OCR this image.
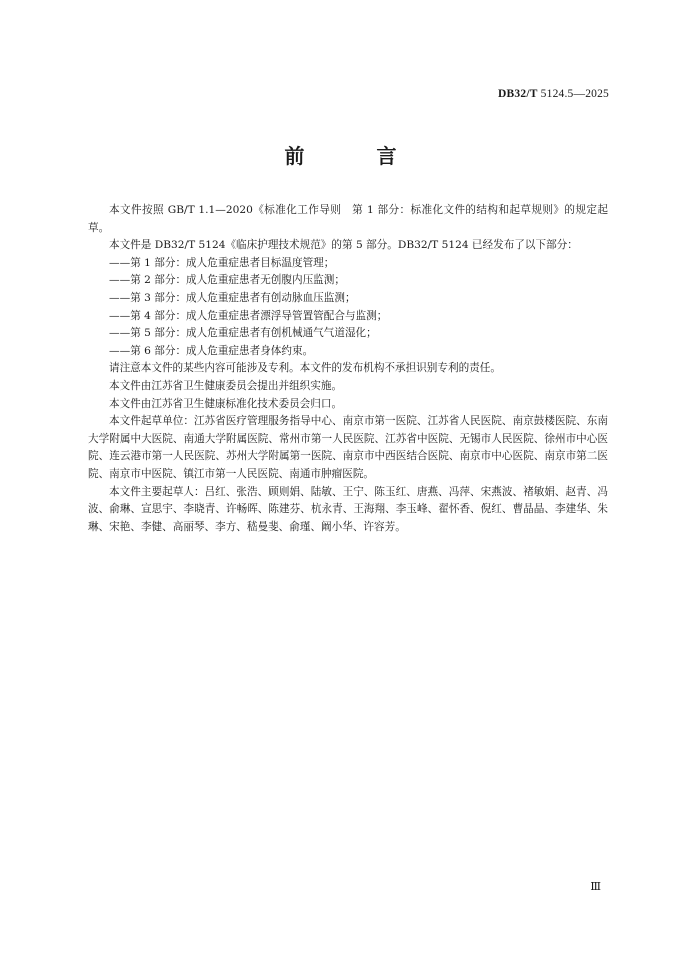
DB32/T 5124.5—2025
前　言

本文件按照 GB/T 1.1—2020《标准化工作导则　第 1 部分：标准化文件的结构和起草规则》的规定起草。

本文件是 DB32/T 5124《临床护理技术规范》的第 5 部分。DB32/T 5124 已经发布了以下部分：

——第 1 部分：成人危重症患者目标温度管理；

——第 2 部分：成人危重症患者无创腹内压监测；

——第 3 部分：成人危重症患者有创动脉血压监测；

——第 4 部分：成人危重症患者漂浮导管置管配合与监测；

——第 5 部分：成人危重症患者有创机械通气气道湿化；

——第 6 部分：成人危重症患者身体约束。

请注意本文件的某些内容可能涉及专利。本文件的发布机构不承担识别专利的责任。

本文件由江苏省卫生健康委员会提出并组织实施。

本文件由江苏省卫生健康标准化技术委员会归口。

本文件起草单位：江苏省医疗管理服务指导中心、南京市第一医院、江苏省人民医院、南京鼓楼医院、东南大学附属中大医院、南通大学附属医院、常州市第一人民医院、江苏省中医院、无锡市人民医院、徐州市中心医院、连云港市第一人民医院、苏州大学附属第一医院、南京市中西医结合医院、南京市中心医院、南京市第二医院、南京市中医院、镇江市第一人民医院、南通市肿瘤医院。

本文件主要起草人：吕红、张浩、顾则娟、陆敏、王宁、陈玉红、唐燕、冯萍、宋燕波、褚敏娟、赵青、冯波、俞琳、宣思宇、李晓青、许畅晖、陈建芬、杭永青、王海翔、李玉峰、翟怀香、倪红、曹晶晶、李建华、朱琳、宋艳、李健、高丽琴、李方、嵇曼斐、俞瑾、阚小华、许容芳。

Ⅲ
